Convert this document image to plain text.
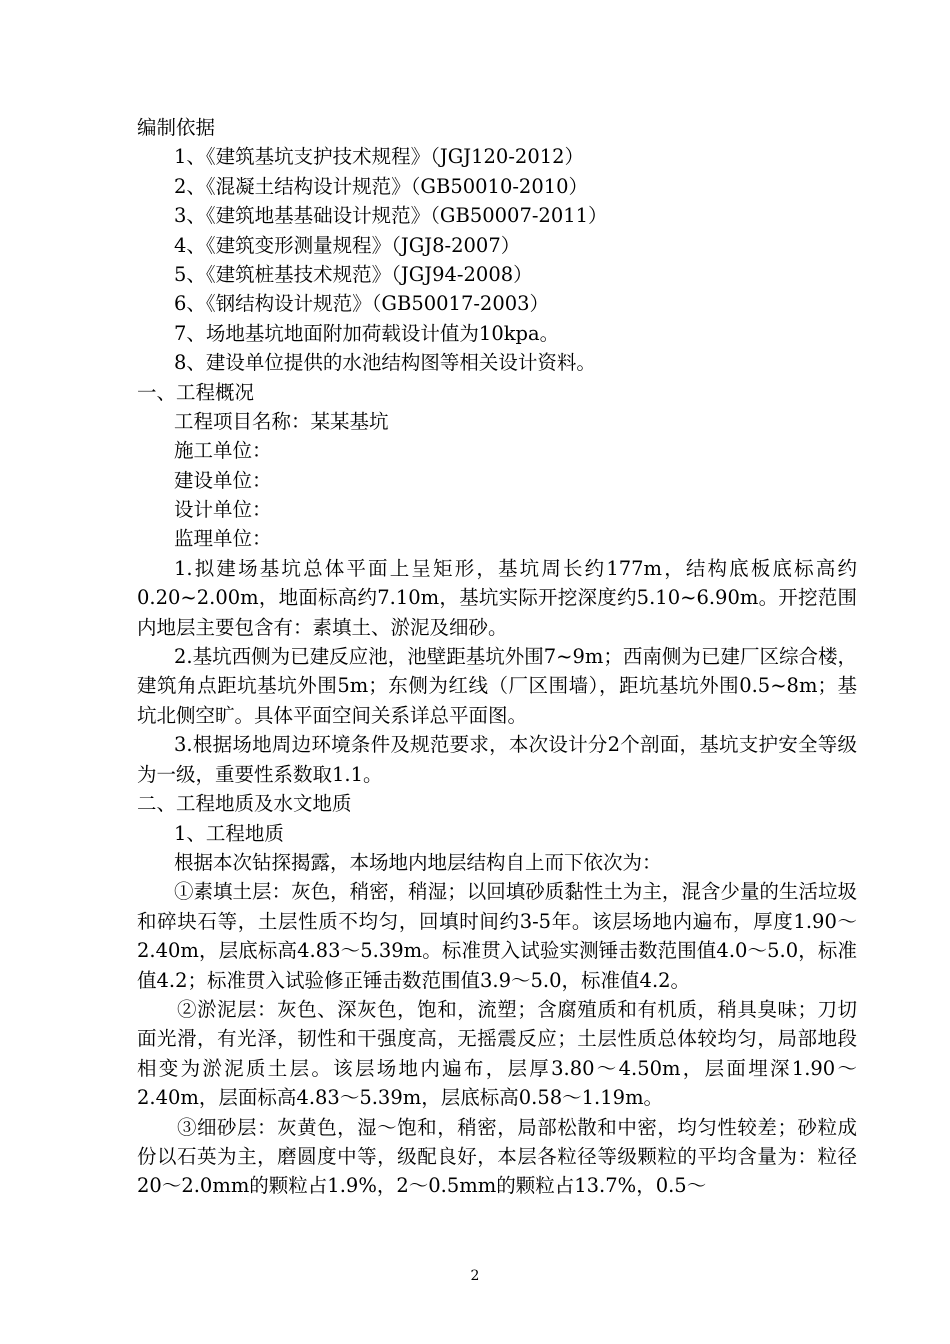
编制依据
1、《建筑基坑支护技术规程》（JGJ120-2012）
2、《混凝土结构设计规范》（GB50010-2010）
3、《建筑地基基础设计规范》（GB50007-2011）
4、《建筑变形测量规程》（JGJ8-2007）
5、《建筑桩基技术规范》（JGJ94-2008）
6、《钢结构设计规范》（GB50017-2003）
7、场地基坑地面附加荷载设计值为10kpa。
8、建设单位提供的水池结构图等相关设计资料。
一、工程概况
工程项目名称：某某基坑
施工单位：
建设单位：
设计单位：
监理单位：
1.拟建场基坑总体平面上呈矩形，基坑周长约177m，结构底板底标高约0.20~2.00m，地面标高约7.10m，基坑实际开挖深度约5.10~6.90m。开挖范围内地层主要包含有：素填土、淤泥及细砂。
2.基坑西侧为已建反应池，池壁距基坑外围7~9m；西南侧为已建厂区综合楼，建筑角点距坑基坑外围5m；东侧为红线（厂区围墙），距坑基坑外围0.5~8m；基坑北侧空旷。具体平面空间关系详总平面图。
3.根据场地周边环境条件及规范要求，本次设计分2个剖面，基坑支护安全等级为一级，重要性系数取1.1。
二、工程地质及水文地质
1、工程地质
根据本次钻探揭露，本场地内地层结构自上而下依次为：
①素填土层：灰色，稍密，稍湿；以回填砂质黏性土为主，混含少量的生活垃圾和碎块石等，土层性质不均匀，回填时间约3-5年。该层场地内遍布，厚度1.90～2.40m，层底标高4.83～5.39m。标准贯入试验实测锤击数范围值4.0～5.0，标准值4.2；标准贯入试验修正锤击数范围值3.9～5.0，标准值4.2。
②淤泥层：灰色、深灰色，饱和，流塑；含腐殖质和有机质，稍具臭味；刀切面光滑，有光泽，韧性和干强度高，无摇震反应；土层性质总体较均匀，局部地段相变为淤泥质土层。该层场地内遍布，层厚3.80～4.50m，层面埋深1.90～2.40m，层面标高4.83～5.39m，层底标高0.58～1.19m。
③细砂层：灰黄色，湿～饱和，稍密，局部松散和中密，均匀性较差；砂粒成份以石英为主，磨圆度中等，级配良好，本层各粒径等级颗粒的平均含量为：粒径20～2.0mm的颗粒占1.9%，2～0.5mm的颗粒占13.7%，0.5～
2
